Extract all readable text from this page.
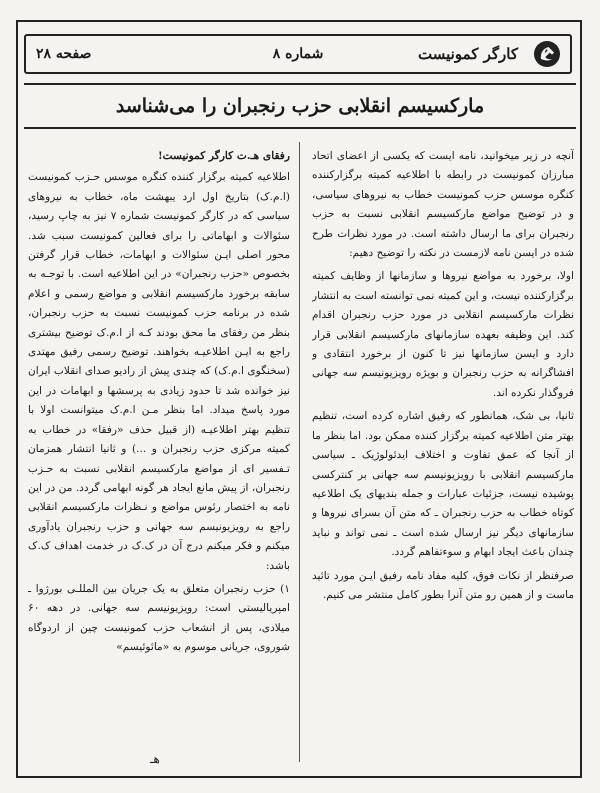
کارگر کمونیست
شماره ۸
صفحه ۲۸
مارکسیسم انقلابی حزب رنجبران را می‌شناسد

آنچه در زیر میخوانید، نامه ایست که یکسی از اعضای اتحاد مبارزان کمونیست در رابطه با اطلاعیه کمیته برگزارکننده کنگره موسس حزب کمونیست خطاب به نیروهای سیاسی، و در توضیح مواضع مارکسیسم انقلابی نسبت به حزب رنجبران برای ما ارسال داشته است. در مورد نظرات طرح شده در ایسن نامه لازمست در نکته را توضیح دهیم:

اولا، برخورد به مواضع نیروها و سازمانها از وظایف کمیته برگزارکننده نیست، و این کمیته نمی توانسته است به انتشار نظرات مارکسیسم انقلابی در مورد حزب رنجبران اقدام کند. این وظیفه بعهده سازمانهای مارکسیسم انقلابی قرار دارد و ایسن سازمانها نیز تا کنون از برخورد انتقادی و افشاگرانه به حزب رنجبران و بویژه رویزیونیسم سه جهانی فروگذار نکرده اند.

ثانیا، بی شک، همانطور که رفیق اشاره کرده است، تنظیم بهتر متن اطلاعیه کمیته برگزار کننده ممکن بود. اما بنظر ما از آنجا که عمق تفاوت و اختلاف ایدئولوژیک ـ سیاسی مارکسیسم انقلابی با رویزیونیسم سه جهانی بر کنترکسی پوشیده نیست، جزئیات عبارات و جمله بندیهای یک اطلاعیه کوتاه خطاب به حزب رنجبران ـ که متن آن بسرای نیروها و سازمانهای دیگر نیز ارسال شده است ـ نمی تواند و نباید چندان باعث ایجاد ابهام و سوءتفاهم گردد.

صرفنظر از نکات فوق، کلیه مفاد نامه رفیق ایـن مورد تائید ماست و از همین رو متن آنرا بطور کامل منتشر می کنیم.

رفقای هـ.ت کارگر کمونیست!

اطلاعیه کمیته برگزار کننده کنگره موسس حـزب کمونیست (ا.م.ک) بتاریخ اول ارد یبهشت ماه، خطاب به نیروهای سیاسی که در کارگر کمونیست شماره ۷ نیز به چاپ رسید، سئوالات و ابهاماتی را برای فعالین کمونیست سبب شد. محور اصلی ایـن سئوالات و ابهامات، خطاب قرار گرفتن بخصوص «حزب رنجبران» در این اطلاعیه است. با توجـه به سابقه برخورد مارکسیسم انقلابی و مواضع رسمی و اعلام شده در برنامه حزب کمونیست نسبت به حزب رنجبران، بنظر من رفقای ما محق بودند کـه از ا.م.ک توضیح بیشتری راجع به ایـن اطلاعیـه بخواهند. توضیح رسمی رفیق مهتدی (سخنگوی ا.م.ک) که چندی پیش از رادیو صدای انقلاب ایران نیز خوانده شد تا حدود زیادی به پرسشها و ابهامات در این مورد پاسخ میداد. اما بنظر مـن ا.م.ک میتوانست اولا با تنظیم بهتر اطلاعیـه (از قبیل حذف «رفقا» در خطاب به کمیته مرکزی حزب رنجبران و ...) و ثانیا انتشار همزمان تـفسیر ای از مواضع مارکسیسم انقلابی نسبت به حـزب رنجبران، از پیش مانع ایجاد هر گونه ابهامی گردد. من در این نامه به اختصار رئوس مواضع و نـظرات مارکسیسم انقلابی راجع به رویزیونیسم سه جهانی و حزب رنجبران یادآوری میکنم و فکر میکنم درج آن در ک.ک در خدمت اهداف ک.ک باشد:

۱) حزب رنجبران متعلق به یک جریان بین المللـی بورژوا ـ امپریالیستی است: رویزیونیسم سه جهانی. در دهه ۶۰ میلادی، پس از انشعاب حزب کمونیست چین از اردوگاه شوروی، جریانی موسوم به «مائوئیسم»

هـ
